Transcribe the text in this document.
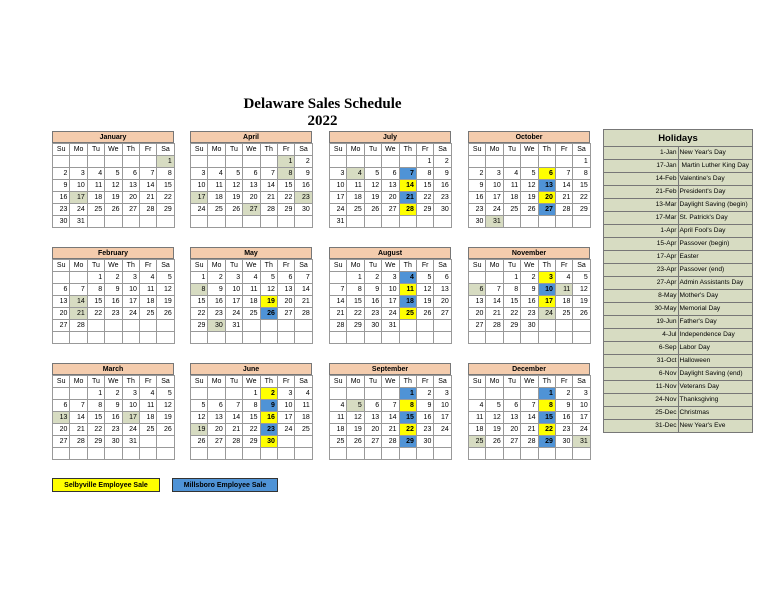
Delaware Sales Schedule
2022
January
Su	Mo	Tu	We	Th	Fr	Sa
						1
2	3	4	5	6	7	8
9	10	11	12	13	14	15
16	17	18	19	20	21	22
23	24	25	26	27	28	29
30	31					
April
Su	Mo	Tu	We	Th	Fr	Sa
					1	2
3	4	5	6	7	8	9
10	11	12	13	14	15	16
17	18	19	20	21	22	23
24	25	26	27	28	29	30

July
Su	Mo	Tu	We	Th	Fr	Sa
					1	2
3	4	5	6	7	8	9
10	11	12	13	14	15	16
17	18	19	20	21	22	23
24	25	26	27	28	29	30
31						
October
Su	Mo	Tu	We	Th	Fr	Sa
						1
2	3	4	5	6	7	8
9	10	11	12	13	14	15
16	17	18	19	20	21	22
23	24	25	26	27	28	29
30	31					
February
Su	Mo	Tu	We	Th	Fr	Sa
		1	2	3	4	5
6	7	8	9	10	11	12
13	14	15	16	17	18	19
20	21	22	23	24	25	26
27	28					

May
Su	Mo	Tu	We	Th	Fr	Sa
1	2	3	4	5	6	7
8	9	10	11	12	13	14
15	16	17	18	19	20	21
22	23	24	25	26	27	28
29	30	31				

August
Su	Mo	Tu	We	Th	Fr	Sa
	1	2	3	4	5	6
7	8	9	10	11	12	13
14	15	16	17	18	19	20
21	22	23	24	25	26	27
28	29	30	31			

November
Su	Mo	Tu	We	Th	Fr	Sa
		1	2	3	4	5
6	7	8	9	10	11	12
13	14	15	16	17	18	19
20	21	22	23	24	25	26
27	28	29	30			

March
Su	Mo	Tu	We	Th	Fr	Sa
		1	2	3	4	5
6	7	8	9	10	11	12
13	14	15	16	17	18	19
20	21	22	23	24	25	26
27	28	29	30	31		

June
Su	Mo	Tu	We	Th	Fr	Sa
			1	2	3	4
5	6	7	8	9	10	11
12	13	14	15	16	17	18
19	20	21	22	23	24	25
26	27	28	29	30		

September
Su	Mo	Tu	We	Th	Fr	Sa
				1	2	3
4	5	6	7	8	9	10
11	12	13	14	15	16	17
18	19	20	21	22	23	24
25	26	27	28	29	30	

December
Su	Mo	Tu	We	Th	Fr	Sa
				1	2	3
4	5	6	7	8	9	10
11	12	13	14	15	16	17
18	19	20	21	22	23	24
25	26	27	28	29	30	31

Holidays	
1-Jan	New Year's Day
17-Jan	Martin Luther King Day
14-Feb	Valentine's Day
21-Feb	President's Day
13-Mar	Daylight Saving (begin)
17-Mar	St. Patrick's Day
1-Apr	April Fool's Day
15-Apr	Passover (begin)
17-Apr	Easter
23-Apr	Passover (end)
27-Apr	Admin Assistants Day
8-May	Mother's Day
30-May	Memorial Day
19-Jun	Father's Day
4-Jul	Independence Day
6-Sep	Labor Day
31-Oct	Halloween
6-Nov	Daylight Saving (end)
11-Nov	Veterans Day
24-Nov	Thanksgiving
25-Dec	Christmas
31-Dec	New Year's Eve
Selbyville Employee Sale	Millsboro Employee Sale
